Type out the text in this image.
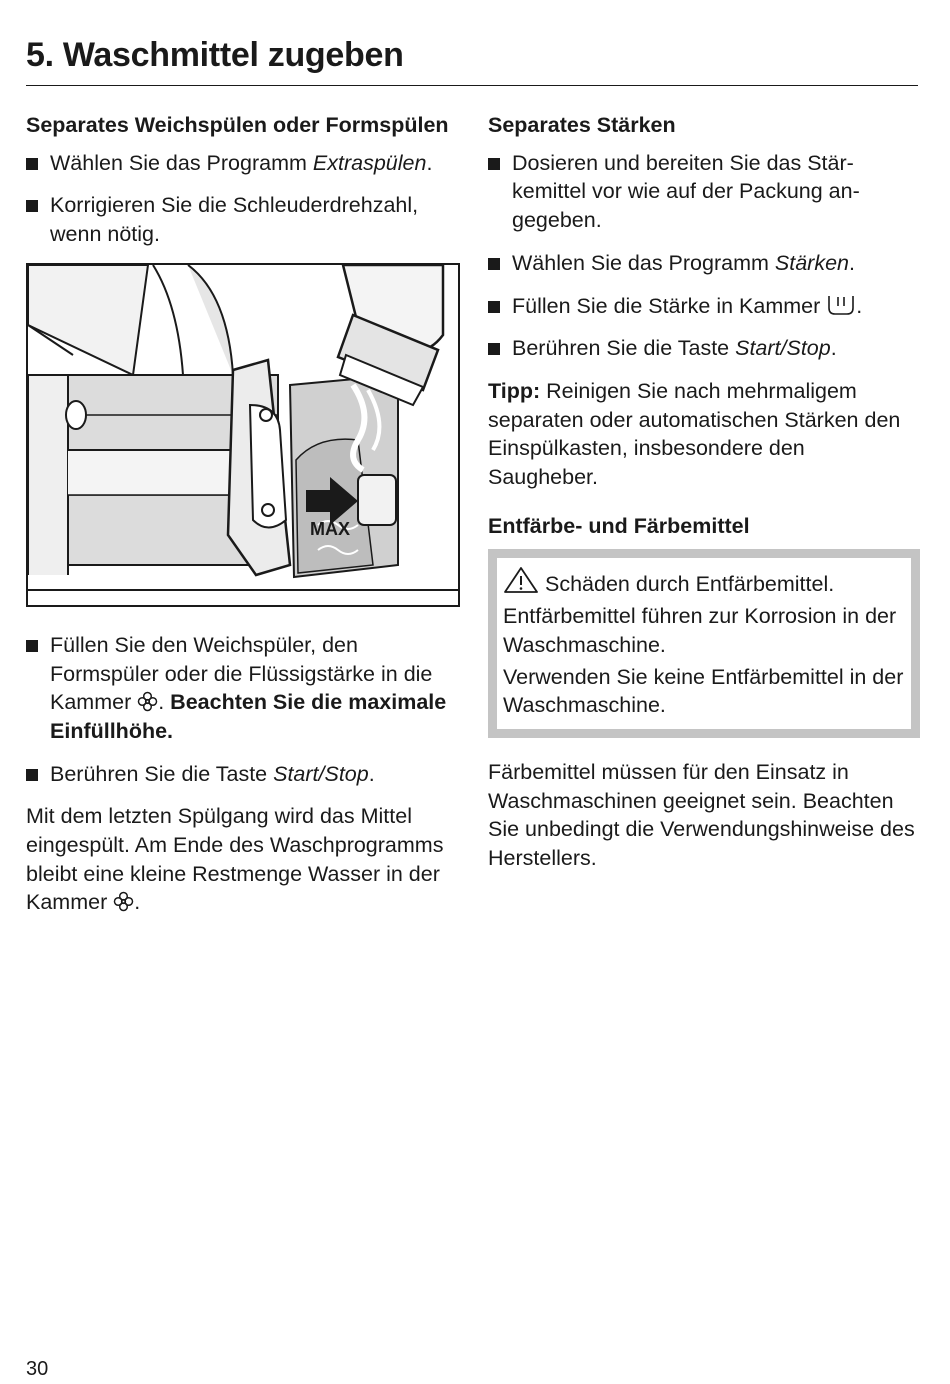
5. Waschmittel zugeben
Separates Weichspülen oder Formspülen
Wählen Sie das Programm Extraspülen.
Korrigieren Sie die Schleuderdrehzahl, wenn nötig.
MAX
Füllen Sie den Weichspüler, den Formspüler oder die Flüssigstärke in die Kammer . Beachten Sie die maximale Einfüllhöhe.
Berühren Sie die Taste Start/Stop.

Mit dem letzten Spülgang wird das Mittel eingespült. Am Ende des Waschprogramms bleibt eine kleine Restmenge Wasser in der Kammer .

Separates Stärken
Dosieren und bereiten Sie das Stärkemittel vor wie auf der Packung angegeben.
Wählen Sie das Programm Stärken.
Füllen Sie die Stärke in Kammer .
Berühren Sie die Taste Start/Stop.

Tipp: Reinigen Sie nach mehrmaligem separaten oder automatischen Stärken den Einspülkasten, insbesondere den Saugheber.

Entfärbe- und Färbemittel

Schäden durch Entfärbemittel.

Entfärbemittel führen zur Korrosion in der Waschmaschine.

Verwenden Sie keine Entfärbemittel in der Waschmaschine.

Färbemittel müssen für den Einsatz in Waschmaschinen geeignet sein. Beachten Sie unbedingt die Verwendungshinweise des Herstellers.

30
